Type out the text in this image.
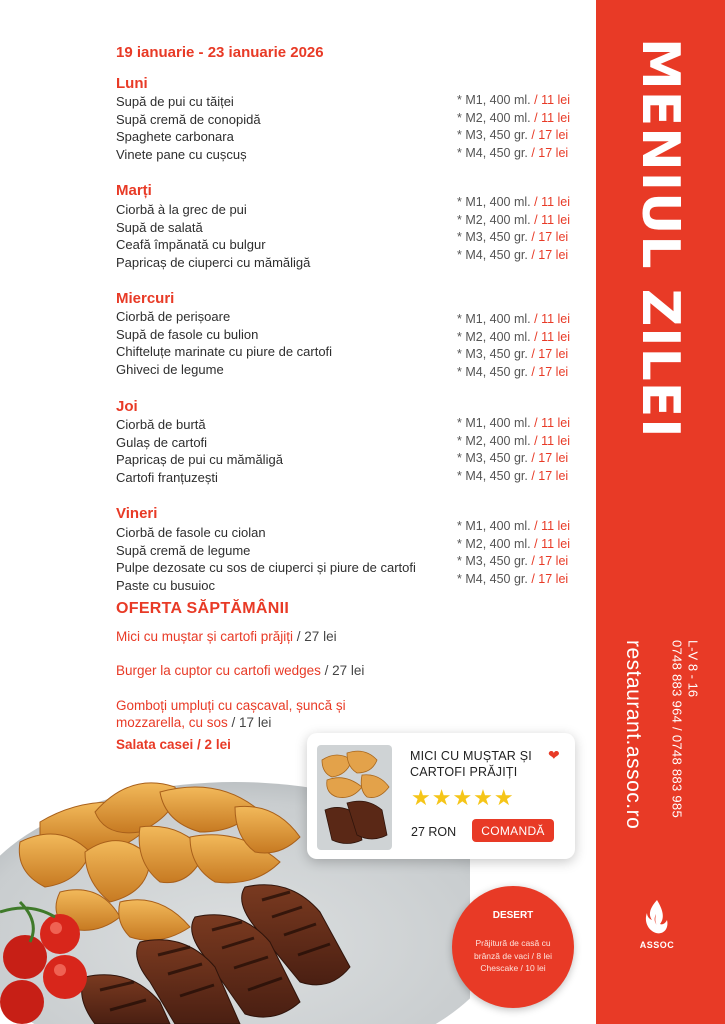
MENIUL ZILEI
restaurant.assoc.ro 0748 883 964 / 0748 883 985 L-V 8 - 16
ASSOC
19 ianuarie - 23 ianuarie 2026
Luni
Supă de pui cu tăiței
Supă cremă de conopidă
Spaghete carbonara
Vinete pane cu cușcuș
* M1, 400 ml. / 11 lei
* M2, 400 ml. / 11 lei
* M3, 450 gr. / 17 lei
* M4, 450 gr. / 17 lei
Marți
Ciorbă à la grec de pui
Supă de salată
Ceafă împănată cu bulgur
Papricaș de ciuperci cu mămăligă
* M1, 400 ml. / 11 lei
* M2, 400 ml. / 11 lei
* M3, 450 gr. / 17 lei
* M4, 450 gr. / 17 lei
Miercuri
Ciorbă de perișoare
Supă de fasole cu bulion
Chifteluțe marinate cu piure de cartofi
Ghiveci de legume
* M1, 400 ml. / 11 lei
* M2, 400 ml. / 11 lei
* M3, 450 gr. / 17 lei
* M4, 450 gr. / 17 lei
Joi
Ciorbă de burtă
Gulaș de cartofi
Papricaș de pui cu mămăligă
Cartofi franțuzești
* M1, 400 ml. / 11 lei
* M2, 400 ml. / 11 lei
* M3, 450 gr. / 17 lei
* M4, 450 gr. / 17 lei
Vineri
Ciorbă de fasole cu ciolan
Supă cremă de legume
Pulpe dezosate cu sos de ciuperci și piure de cartofi
Paste cu busuioc
* M1, 400 ml. / 11 lei
* M2, 400 ml. / 11 lei
* M3, 450 gr. / 17 lei
* M4, 450 gr. / 17 lei
OFERTA SĂPTĂMÂNII
Mici cu muștar și cartofi prăjiți / 27 lei
Burger la cuptor cu cartofi wedges / 27 lei
Gomboți umpluți cu cașcaval, șuncă și mozzarella, cu sos / 17 lei
Salata casei / 2 lei
MICI CU MUȘTAR ȘI CARTOFI PRĂJIȚI
❤
★★★★★
27 RON	COMANDĂ
DESERT
Prăjitură de casă cu
brânză de vaci / 8 lei
Chescake / 10 lei
